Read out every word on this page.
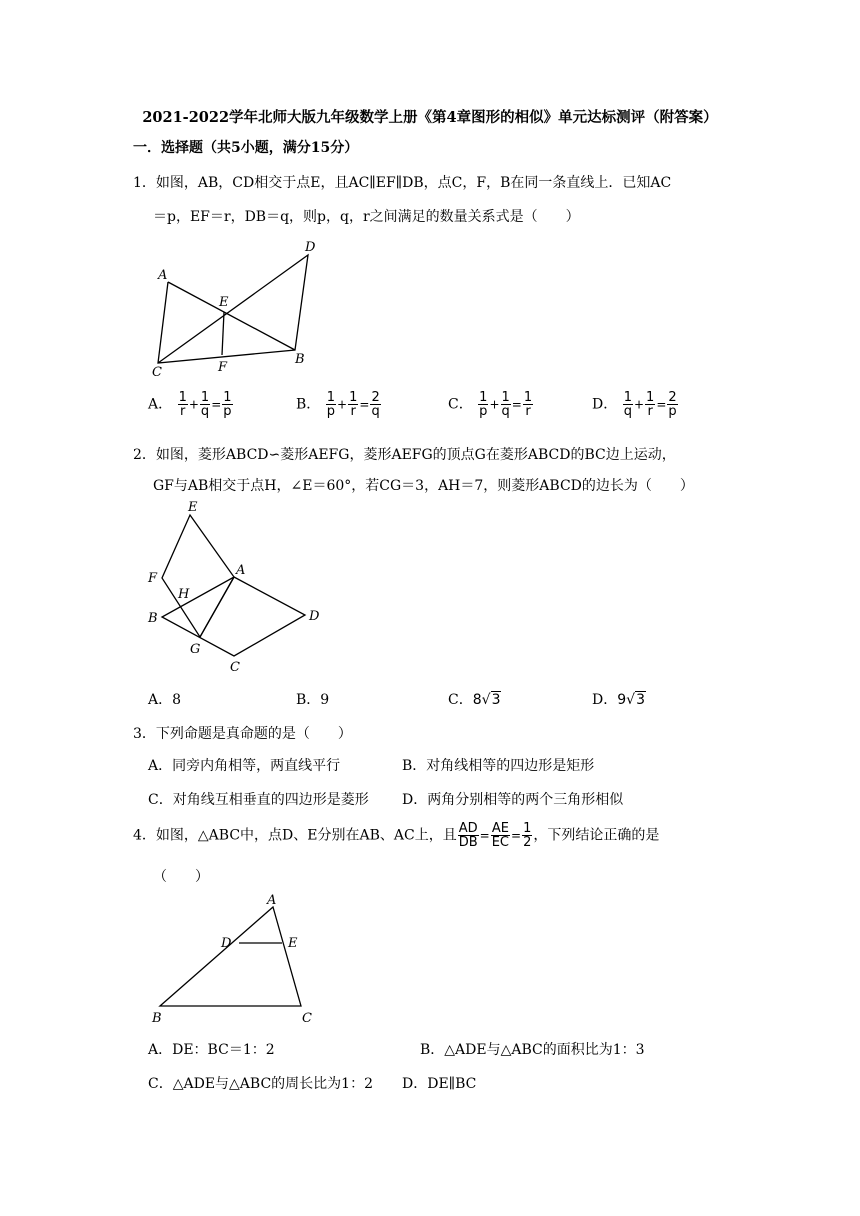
2021-2022学年北师大版九年级数学上册《第4章图形的相似》单元达标测评（附答案）
一．选择题（共5小题，满分15分）
1．如图，AB，CD相交于点E，且AC∥EF∥DB，点C，F，B在同一条直线上．已知AC
＝p，EF＝r，DB＝q，则p，q，r之间满足的数量关系式是（　　）
A
D
E
C	F
B
A． $\frac{1}{r} + \frac{1}{q} = \frac{1}{p}$	B． $\frac{1}{p} + \frac{1}{r} = \frac{2}{q}$	C． $\frac{1}{p} + \frac{1}{q} = \frac{1}{r}$	D． $\frac{1}{q} + \frac{1}{r} = \frac{2}{p}$
2．如图，菱形ABCD∽菱形AEFG，菱形AEFG的顶点G在菱形ABCD的BC边上运动，
GF与AB相交于点H，∠E＝60°，若CG＝3，AH＝7，则菱形ABCD的边长为（　　）
E
F
A
H
B	D
G
C
A．8	B．9	C．8√3	D．9√3
3．下列命题是真命题的是（　　）
A．同旁内角相等，两直线平行	B．对角线相等的四边形是矩形
C．对角线互相垂直的四边形是菱形 D．两角分别相等的两个三角形相似
4．如图，△ABC中，点D、E分别在AB、AC上，且 $\frac{AD}{DB} = \frac{AE}{EC} = \frac{1}{2}$ ，下列结论正确的是
（　　）
A
D	E
B	C
A．DE：BC＝1：2	B．△ADE与△ABC的面积比为1：3
C．△ADE与△ABC的周长比为1：2 D．DE∥BC
